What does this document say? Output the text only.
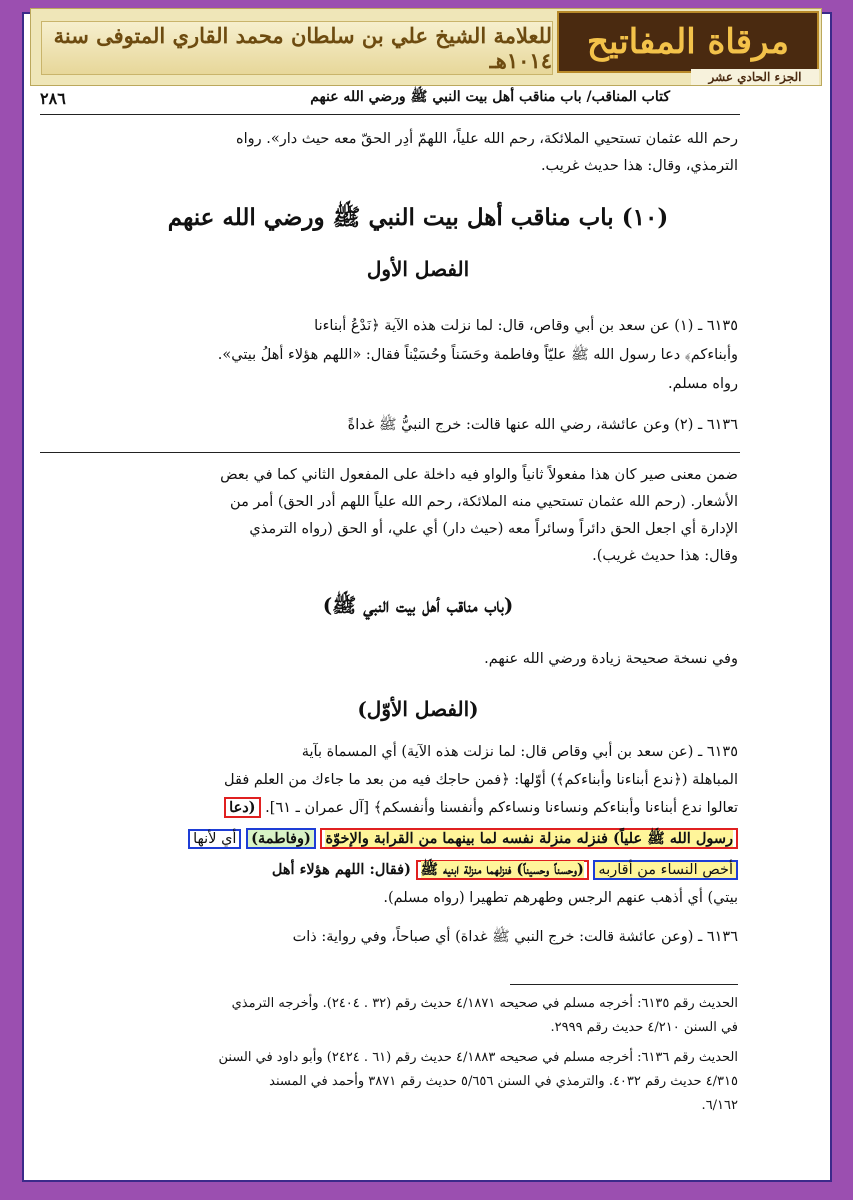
للعلامة الشيخ علي بن سلطان محمد القاري المتوفى سنة ١٠١٤هـ	مرقاة المفاتيح
الجزء الحادي عشر
كتاب المناقب/ باب مناقب أهل بيت النبي ﷺ ورضي الله عنهم
٢٨٦
رحم الله عثمان تستحيي الملائكة، رحم الله علياً، اللهمّ أدِر الحقّ معه حيث دار». رواه
الترمذي، وقال: هذا حديث غريب.
(١٠) باب مناقب أهل بيت النبي ﷺ ورضي الله عنهم
الفصل الأول
٦١٣٥ ـ (١) عن سعد بن أبي وقاص، قال: لما نزلت هذه الآية ﴿نَدْعُ أبناءنا
وأبناءكم﴾ دعا رسول الله ﷺ عليّاً وفاطمة وحَسَناً وحُسَيْناً فقال: «اللهم هؤلاء أهلُ بيتي».
رواه مسلم.
٦١٣٦ ـ (٢) وعن عائشة، رضي الله عنها قالت: خرج النبيُّ ﷺ غداةً
ضمن معنى صير كان هذا مفعولاً ثانياً والواو فيه داخلة على المفعول الثاني كما في بعض
الأشعار. (رحم الله عثمان تستحيي منه الملائكة، رحم الله علياً اللهم أدر الحق) أمر من
الإدارة أي اجعل الحق دائراً وسائراً معه (حيث دار) أي علي، أو الحق (رواه الترمذي
وقال: هذا حديث غريب).
(باب مناقب أهل بيت النبي ﷺ)
وفي نسخة صحيحة زيادة ورضي الله عنهم.
(الفصل الأوّل)
٦١٣٥ ـ (عن سعد بن أبي وقاص قال: لما نزلت هذه الآية) أي المسماة بآية
المباهلة (﴿ندع أبناءنا وأبناءكم﴾) أوّلها: ﴿فمن حاجك فيه من بعد ما جاءك من العلم فقل
تعالوا ندع أبناءنا وأبناءكم ونساءنا ونساءكم وأنفسنا وأنفسكم﴾ [آل عمران ـ ٦١]. (دعا
رسول الله ﷺ علياً) فنزله منزلة نفسه لما بينهما من القرابة والإخوّة (وفاطمة) أي لأنها
أخص النساء من أقاربه (وحسناً وحسيناً) فنزلهما منزلة ابنيه ﷺ (فقال: اللهم هؤلاء أهل
بيتي) أي أذهب عنهم الرجس وطهرهم تطهيرا (رواه مسلم).
٦١٣٦ ـ (وعن عائشة قالت: خرج النبي ﷺ غداة) أي صباحاً، وفي رواية: ذات
الحديث رقم ٦١٣٥: أخرجه مسلم في صحيحه ٤/١٨٧١ حديث رقم (٣٢ . ٢٤٠٤). وأخرجه الترمذي
في السنن ٤/٢١٠ حديث رقم ٢٩٩٩.
الحديث رقم ٦١٣٦: أخرجه مسلم في صحيحه ٤/١٨٨٣ حديث رقم (٦١ . ٢٤٢٤) وأبو داود في السنن
٤/٣١٥ حديث رقم ٤٠٣٢. والترمذي في السنن ٥/٦٥٦ حديث رقم ٣٨٧١ وأحمد في المسند
٦/١٦٢.
